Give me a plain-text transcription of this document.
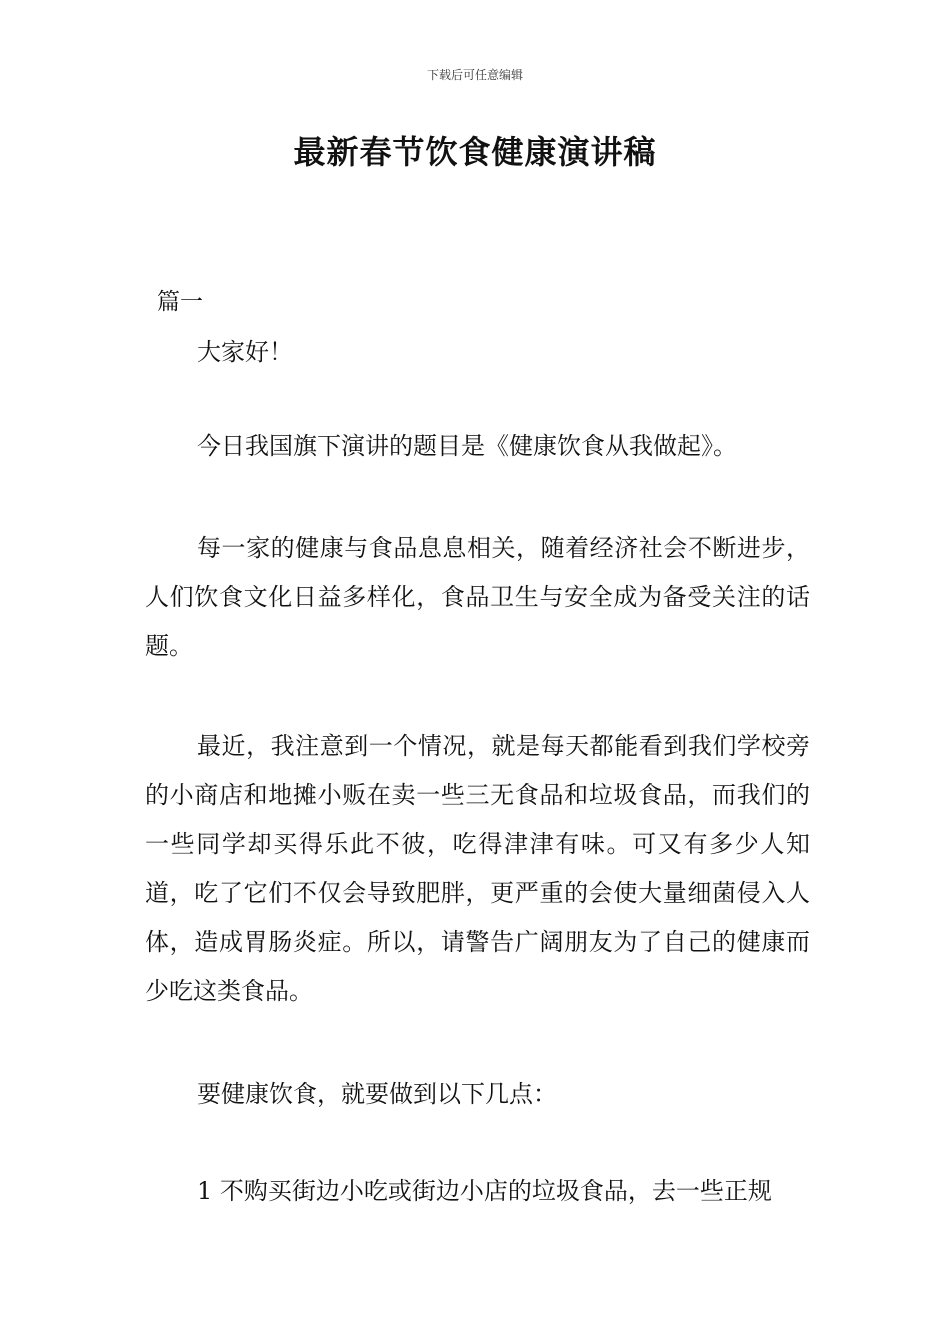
下载后可任意编辑
最新春节饮食健康演讲稿
篇一
大家好！
今日我国旗下演讲的题目是《健康饮食从我做起》。
每一家的健康与食品息息相关，随着经济社会不断进步，人们饮食文化日益多样化，食品卫生与安全成为备受关注的话题。
最近，我注意到一个情况，就是每天都能看到我们学校旁的小商店和地摊小贩在卖一些三无食品和垃圾食品，而我们的一些同学却买得乐此不彼，吃得津津有味。可又有多少人知道，吃了它们不仅会导致肥胖，更严重的会使大量细菌侵入人体，造成胃肠炎症。所以，请警告广阔朋友为了自己的健康而少吃这类食品。
要健康饮食，就要做到以下几点：
1 不购买街边小吃或街边小店的垃圾食品，去一些正规
